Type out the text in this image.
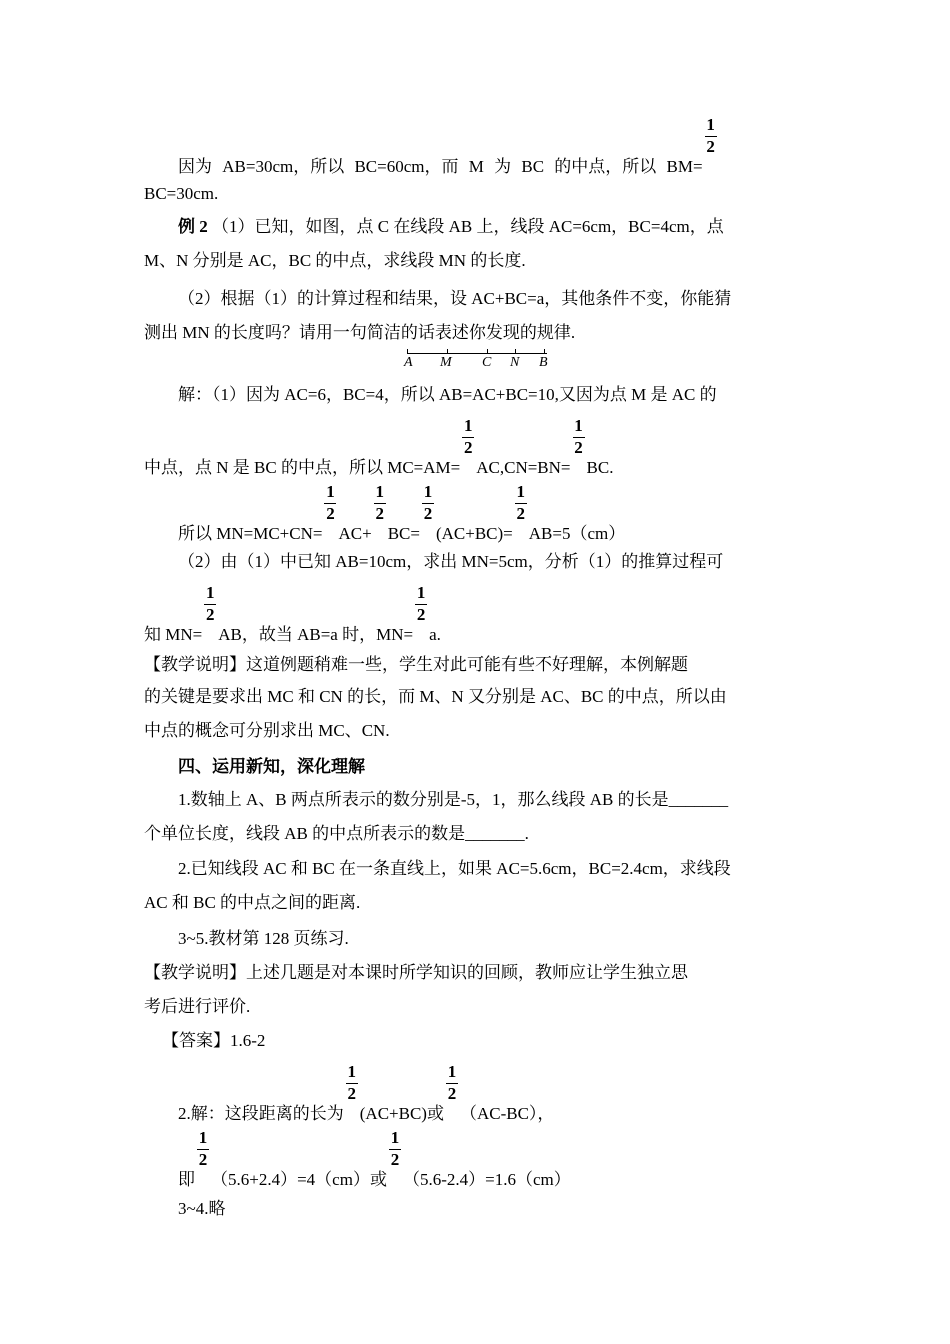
因为 AB=30cm，所以 BC=60cm，而 M 为 BC 的中点，所以 $BM= \frac{1}{2}$
BC=30cm.
例 2 （1）已知，如图，点 C 在线段 AB 上，线段 AC=6cm，BC=4cm，点
M、N 分别是 AC，BC 的中点，求线段 MN 的长度.
（2）根据（1）的计算过程和结果，设 AC+BC=a，其他条件不变，你能猜
测出 MN 的长度吗？请用一句简洁的话表述你发现的规律.
A M C N B
解：（1）因为 AC=6，BC=4，所以 AB=AC+BC=10,又因为点 M 是 AC 的
中点，点 N 是 BC 的中点，所以 $MC=AM= \frac{1}{2} AC,CN=BN= \frac{1}{2}$ BC.
所以 $MN=MC+CN= \frac{1}{2} AC+ \frac{1}{2} BC= \frac{1}{2} (AC+BC)= \frac{1}{2} AB=5(cm)$
（2）由（1）中已知 AB=10cm，求出 MN=5cm，分析（1）的推算过程可
知 $MN= \frac{1}{2}$ AB，故当 AB=a 时，$MN= \frac{1}{2} a$.
【教学说明】这道例题稍难一些，学生对此可能有些不好理解，本例解题
的关键是要求出 MC 和 CN 的长，而 M、N 又分别是 AC、BC 的中点，所以由
中点的概念可分别求出 MC、CN.
四、运用新知，深化理解
1.数轴上 A、B 两点所表示的数分别是-5，1，那么线段 AB 的长是_______
个单位长度，线段 AB 的中点所表示的数是_______.
2.已知线段 AC 和 BC 在一条直线上，如果 AC=5.6cm，BC=2.4cm，求线段
AC 和 BC 的中点之间的距离.
3~5.教材第 128 页练习.
【教学说明】上述几题是对本课时所学知识的回顾，教师应让学生独立思
考后进行评价.
【答案】1.6-2
2.解：这段距离的长为 $\frac{1}{2} (AC+BC)$或 $\frac{1}{2} (AC-BC)$，
即 $\frac{1}{2} (5.6+2.4)=4(cm)$或 $\frac{1}{2} (5.6-2.4)=1.6(cm)$
3~4.略
